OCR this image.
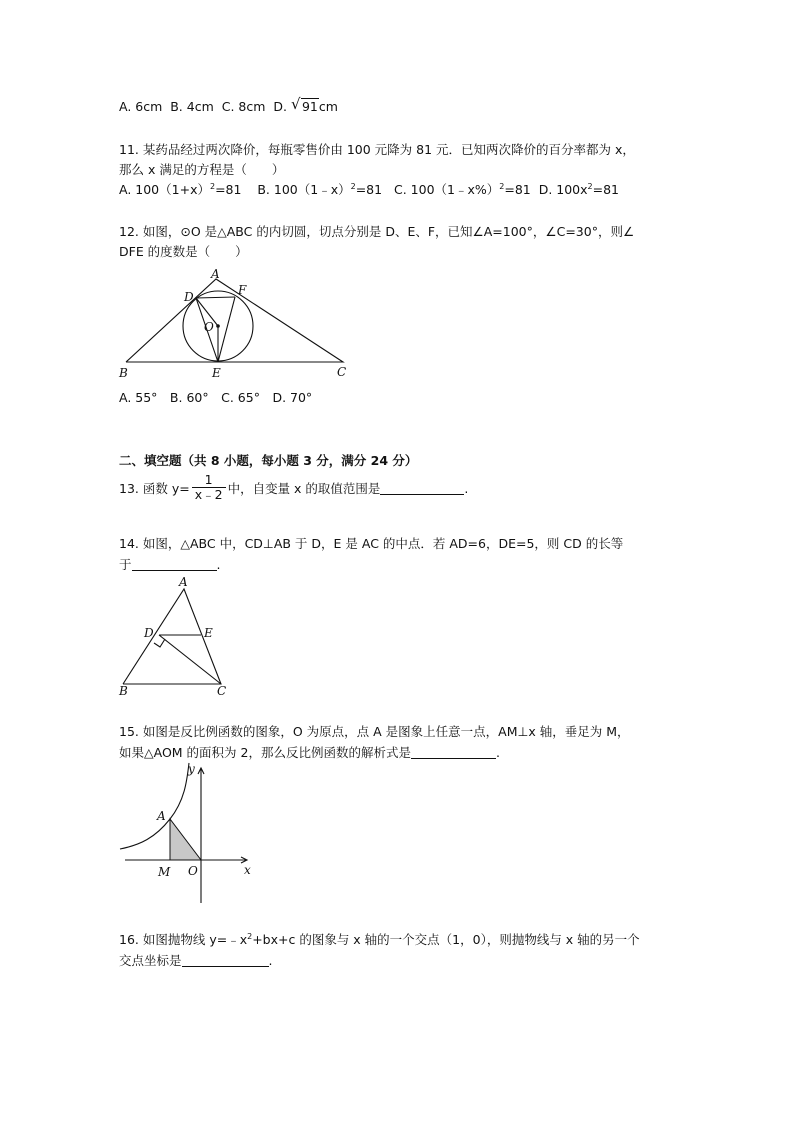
A. 6cm B. 4cm C. 8cm D. √ 91cm
11. 某药品经过两次降价，每瓶零售价由 100 元降为 81 元．已知两次降价的百分率都为 x，
那么 x 满足的方程是（　　）
A. $100(1+x)^2=81$ B. 100（1﹣x）$^2$=81 C. 100（1﹣x%）$^2$=81 D. $100x^2=81$
12. 如图，⊙O 是△ABC 的内切圆，切点分别是 D、E、F，已知∠A=100°，∠C=30°，则∠
DFE 的度数是（　　）
A
D	F
O
B	E	C
A. 55°　B. 60°　C. 65°　D. 70°
二、填空题（共 8 小题，每小题 3 分，满分 24 分）
13. 函数 $y= \frac{1}{x﹣2}$ 中，自变量 x 的取值范围是	.
14. 如图，△ABC 中，CD⊥AB 于 D，E 是 AC 的中点．若 AD=6，DE=5，则 CD 的长等
于	.
A
D	E
B	C
15. 如图是反比例函数的图象，O 为原点，点 A 是图象上任意一点，AM⊥x 轴，垂足为 M，
如果△AOM 的面积为 2，那么反比例函数的解析式是	.
y
A
M O	x
16. 如图抛物线 $y=﹣x^2+bx+c$ 的图象与 x 轴的一个交点（1，0），则抛物线与 x 轴的另一个
交点坐标是	.
